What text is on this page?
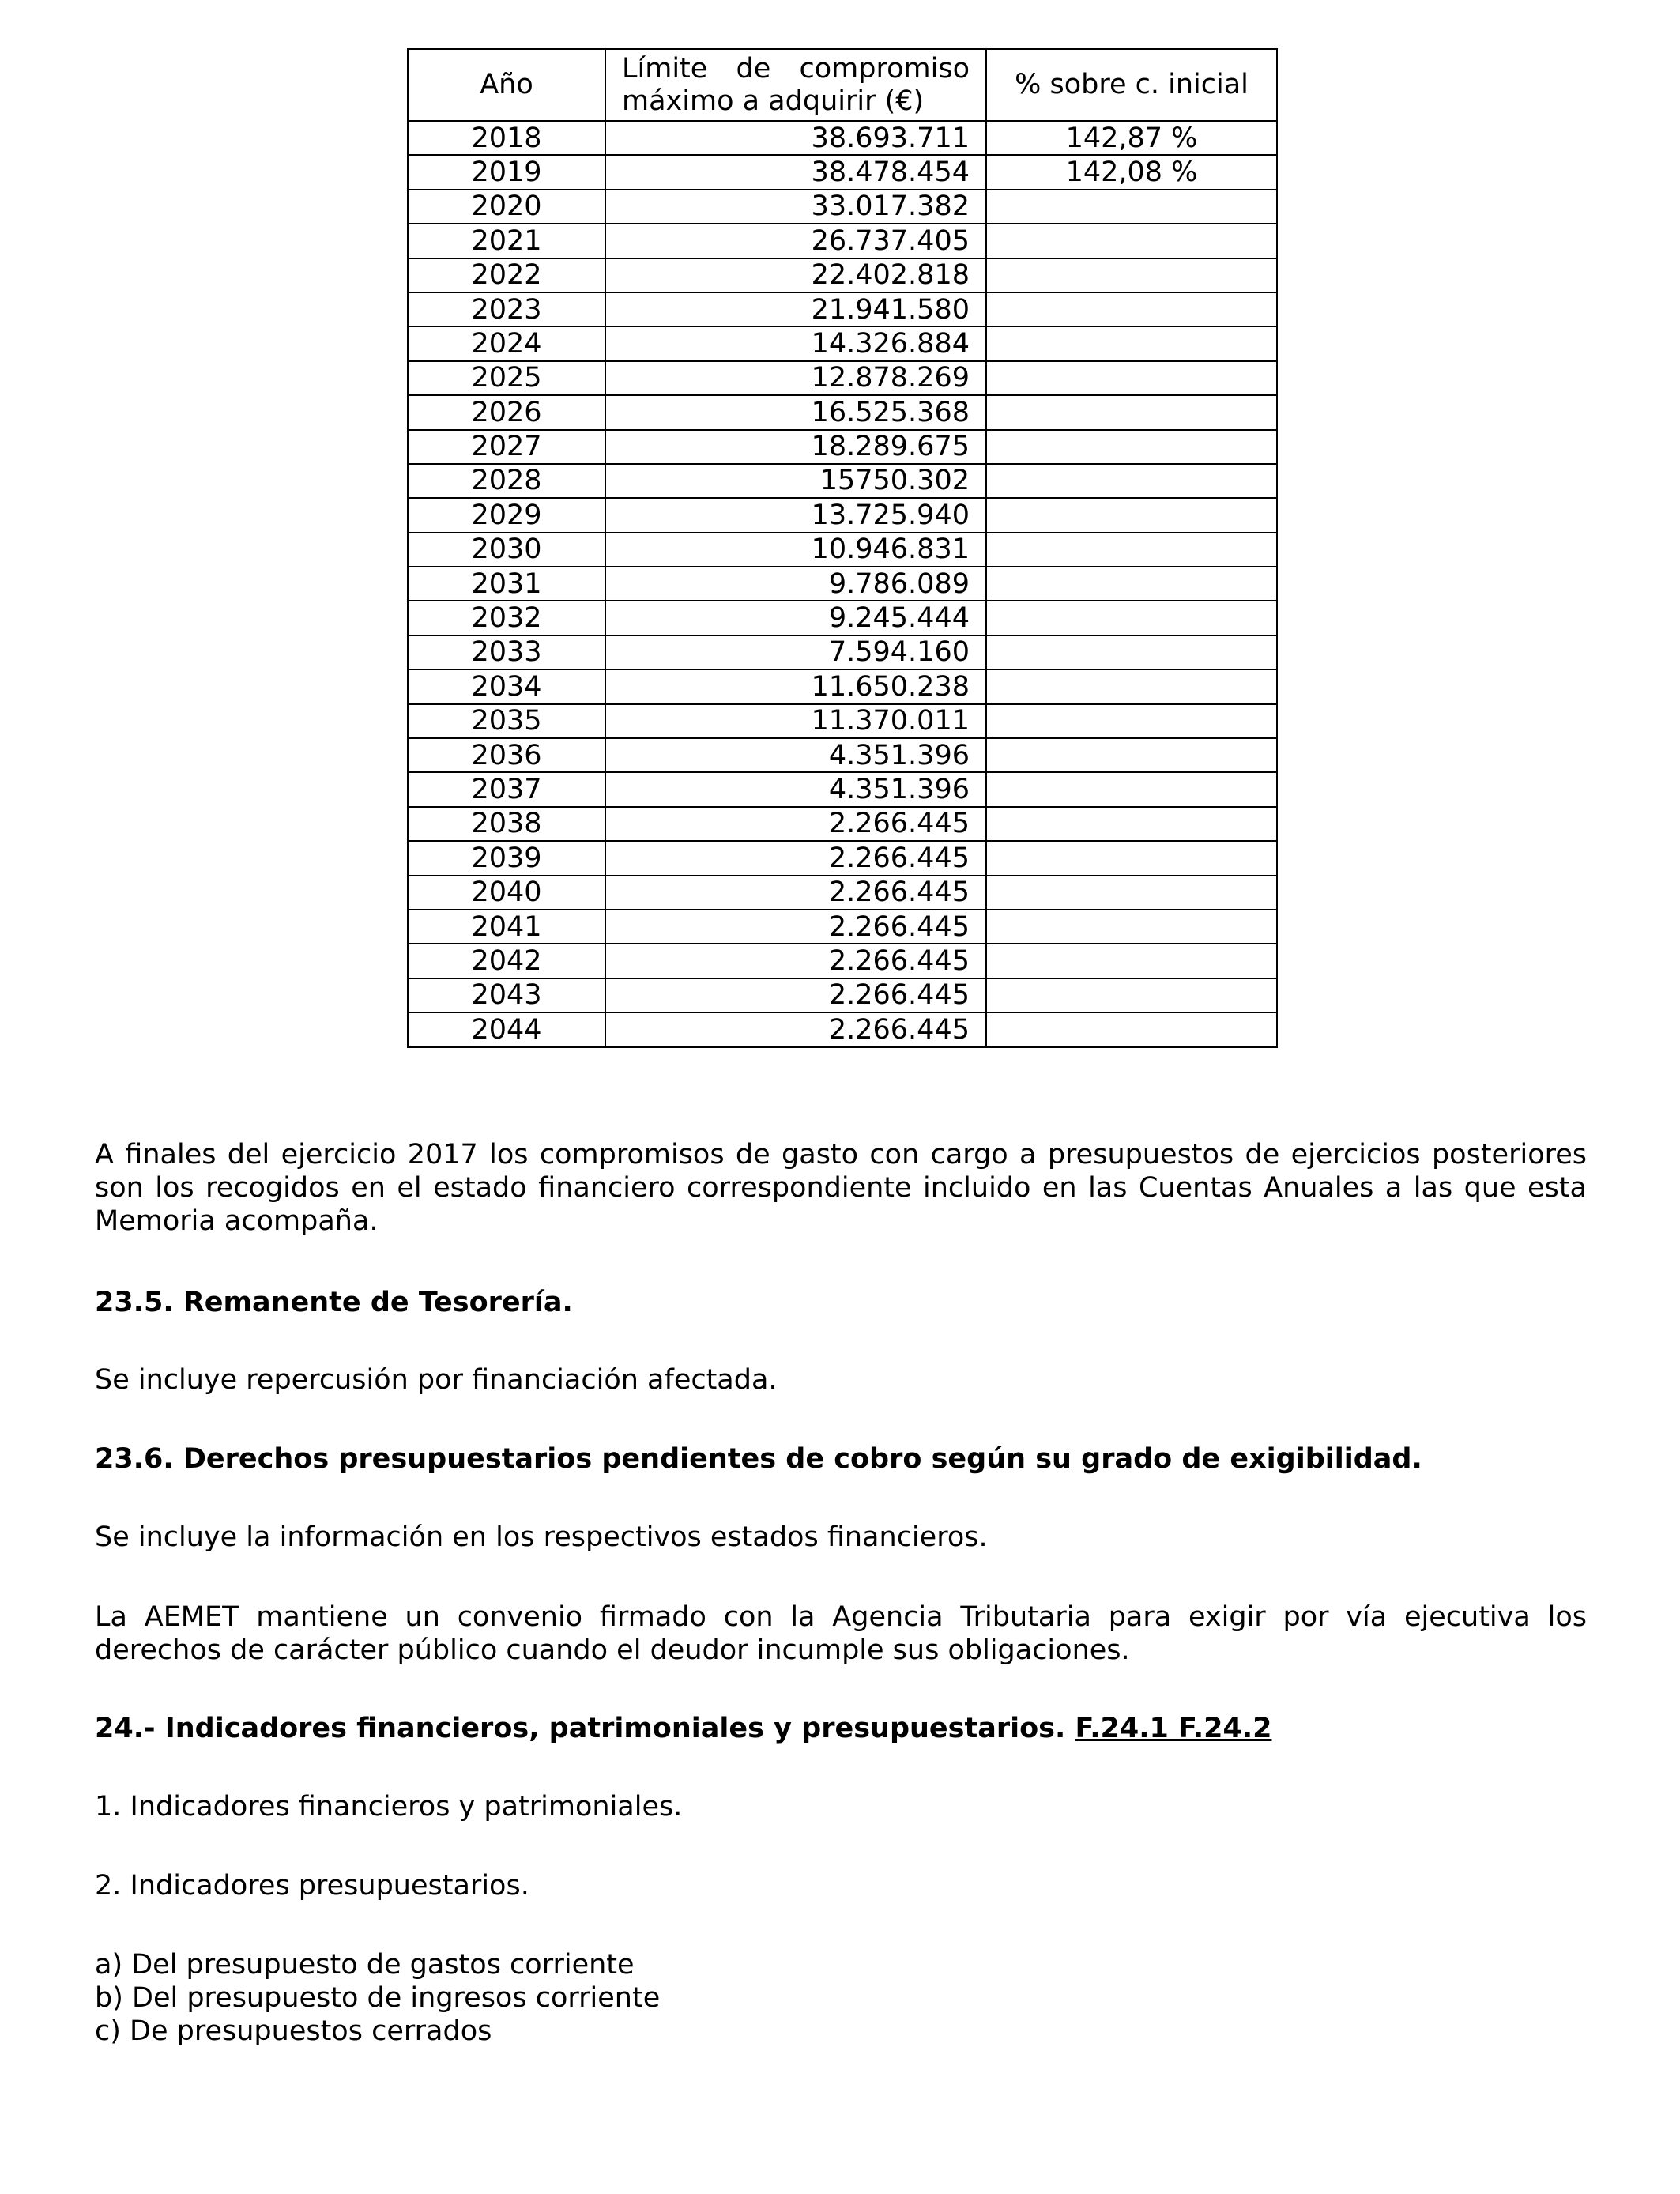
Año	Límite de compromiso máximo a adquirir (€)	% sobre c. inicial
2018	38.693.711	142,87 %
2019	38.478.454	142,08 %
2020	33.017.382	
2021	26.737.405	
2022	22.402.818	
2023	21.941.580	
2024	14.326.884	
2025	12.878.269	
2026	16.525.368	
2027	18.289.675	
2028	15750.302	
2029	13.725.940	
2030	10.946.831	
2031	9.786.089	
2032	9.245.444	
2033	7.594.160	
2034	11.650.238	
2035	11.370.011	
2036	4.351.396	
2037	4.351.396	
2038	2.266.445	
2039	2.266.445	
2040	2.266.445	
2041	2.266.445	
2042	2.266.445	
2043	2.266.445	
2044	2.266.445	

A finales del ejercicio 2017 los compromisos de gasto con cargo a presupuestos de ejercicios posteriores son los recogidos en el estado financiero correspondiente incluido en las Cuentas Anuales a las que esta Memoria acompaña.

23.5. Remanente de Tesorería.

Se incluye repercusión por financiación afectada.

23.6. Derechos presupuestarios pendientes de cobro según su grado de exigibilidad.

Se incluye la información en los respectivos estados financieros.

La AEMET mantiene un convenio firmado con la Agencia Tributaria para exigir por vía ejecutiva los derechos de carácter público cuando el deudor incumple sus obligaciones.

24.- Indicadores financieros, patrimoniales y presupuestarios. F.24.1 F.24.2

1. Indicadores financieros y patrimoniales.

2. Indicadores presupuestarios.

a) Del presupuesto de gastos corriente

b) Del presupuesto de ingresos corriente

c) De presupuestos cerrados
